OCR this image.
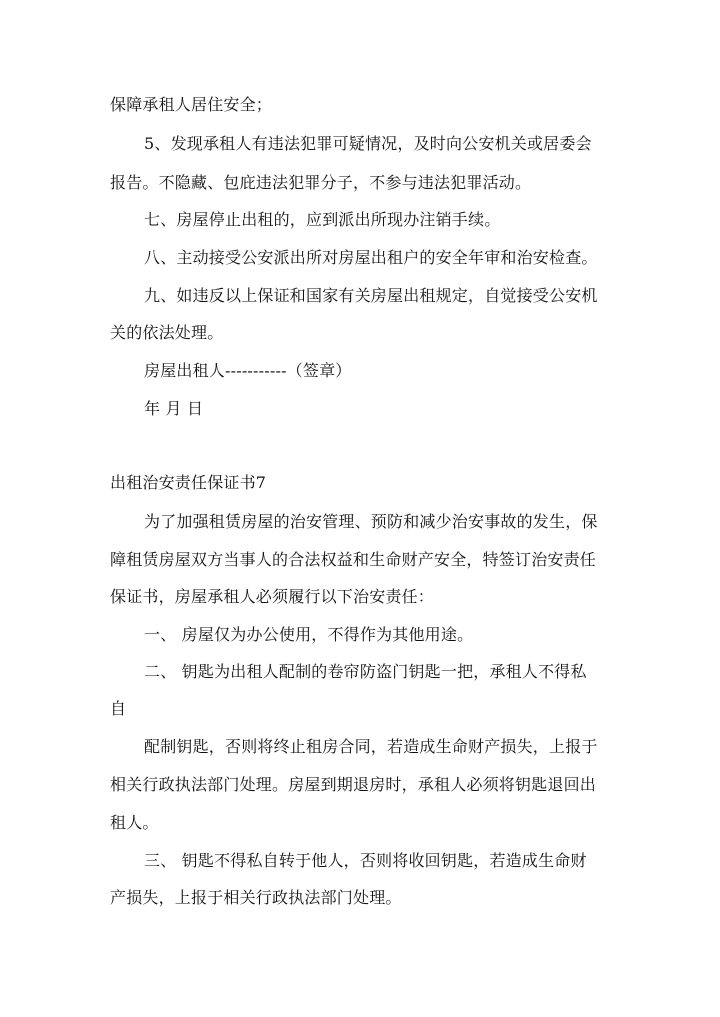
保障承租人居住安全；
5、发现承租人有违法犯罪可疑情况，及时向公安机关或居委会
报告。不隐藏、包庇违法犯罪分子，不参与违法犯罪活动。
七、房屋停止出租的，应到派出所现办注销手续。
八、主动接受公安派出所对房屋出租户的安全年审和治安检查。
九、如违反以上保证和国家有关房屋出租规定，自觉接受公安机
关的依法处理。
房屋出租人-----------（签章）
年 月 日
出租治安责任保证书7
为了加强租赁房屋的治安管理、预防和减少治安事故的发生，保
障租赁房屋双方当事人的合法权益和生命财产安全，特签订治安责任
保证书，房屋承租人必须履行以下治安责任：
一、 房屋仅为办公使用，不得作为其他用途。
二、 钥匙为出租人配制的卷帘防盗门钥匙一把，承租人不得私
自
配制钥匙，否则将终止租房合同，若造成生命财产损失，上报于
相关行政执法部门处理。房屋到期退房时，承租人必须将钥匙退回出
租人。
三、 钥匙不得私自转于他人，否则将收回钥匙，若造成生命财
产损失，上报于相关行政执法部门处理。
